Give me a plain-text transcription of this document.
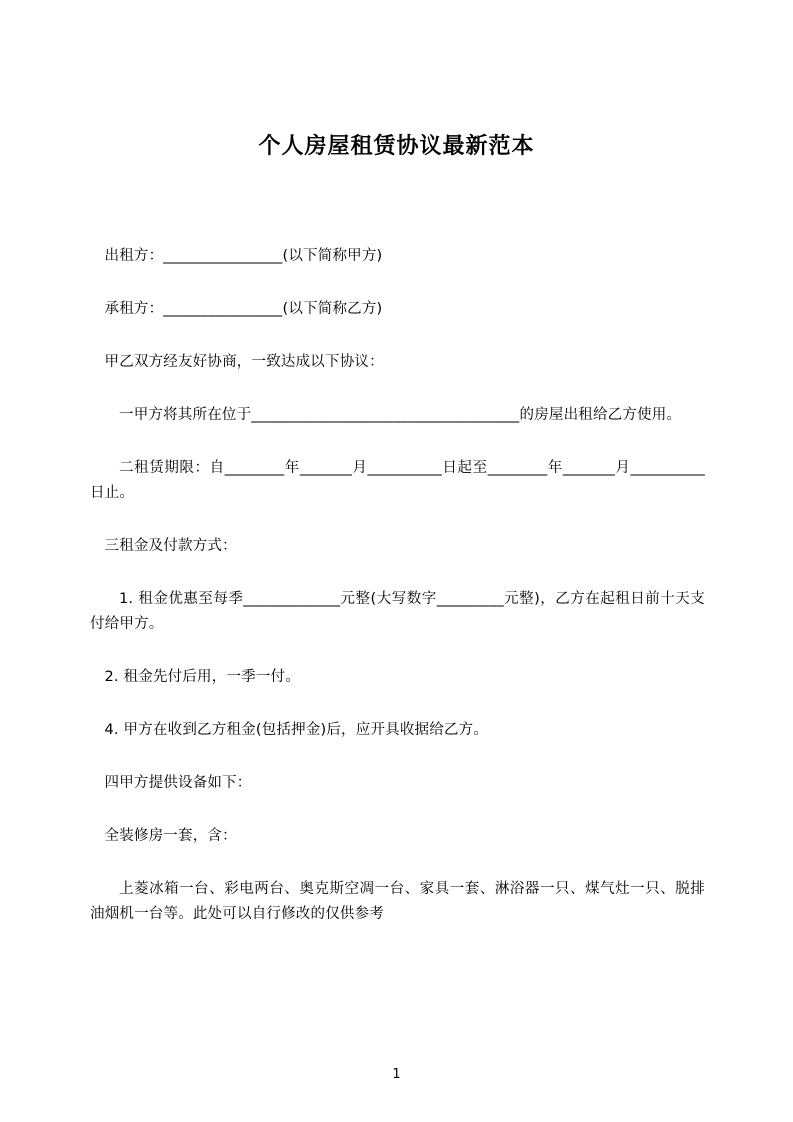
个人房屋租赁协议最新范本

出租方：________________(以下简称甲方)

承租方：________________(以下简称乙方)

甲乙双方经友好协商，一致达成以下协议：

一甲方将其所在位于____________________________________的房屋出租给乙方使用。

二租赁期限：自________年_______月__________日起至________年_______月__________日止。

三租金及付款方式：

1. 租金优惠至每季_____________元整(大写数字_________元整)，乙方在起租日前十天支付给甲方。

2. 租金先付后用，一季一付。

4. 甲方在收到乙方租金(包括押金)后，应开具收据给乙方。

四甲方提供设备如下：

全装修房一套，含：

上菱冰箱一台、彩电两台、奥克斯空凋一台、家具一套、淋浴器一只、煤气灶一只、脱排油烟机一台等。此处可以自行修改的仅供参考

1
